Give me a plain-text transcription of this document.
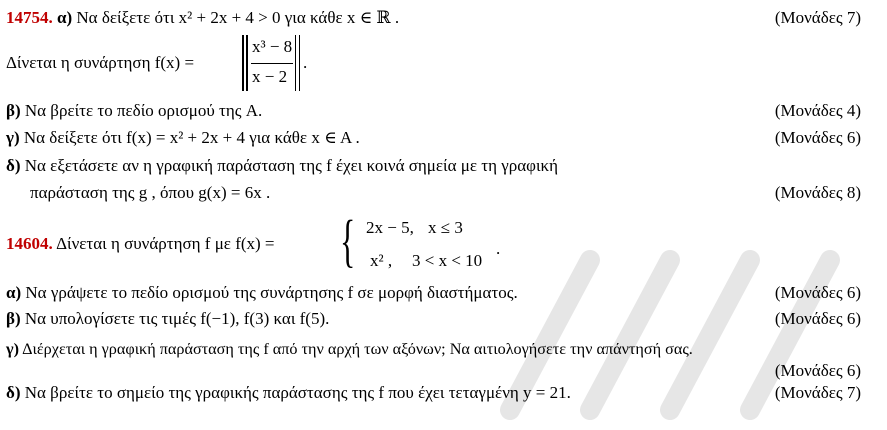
14754. α) Να δείξετε ότι x² + 2x + 4 > 0 για κάθε x ∈ ℝ .	(Μονάδες 7)
Δίνεται η συνάρτηση f(x) =
x³ − 8
x − 2
.
β) Να βρείτε το πεδίο ορισμού της A.	(Μονάδες 4)
γ) Να δείξετε ότι f(x) = x² + 2x + 4 για κάθε x ∈ A .	(Μονάδες 6)
δ) Να εξετάσετε αν η γραφική παράσταση της f έχει κοινά σημεία με τη γραφική
παράσταση της g , όπου g(x) = 6x .	(Μονάδες 8)
14604. Δίνεται η συνάρτηση f με f(x) = { 2x − 5, x ≤ 3
x² , 3 < x < 10
.
α) Να γράψετε το πεδίο ορισμού της συνάρτησης f σε μορφή διαστήματος.	(Μονάδες 6)
β) Να υπολογίσετε τις τιμές f(−1), f(3) και f(5).	(Μονάδες 6)
γ) Διέρχεται η γραφική παράσταση της f από την αρχή των αξόνων; Να αιτιολογήσετε την απάντησή σας.
(Μονάδες 6)
δ) Να βρείτε το σημείο της γραφικής παράστασης της f που έχει τεταγμένη y = 21.	(Μονάδες 7)
